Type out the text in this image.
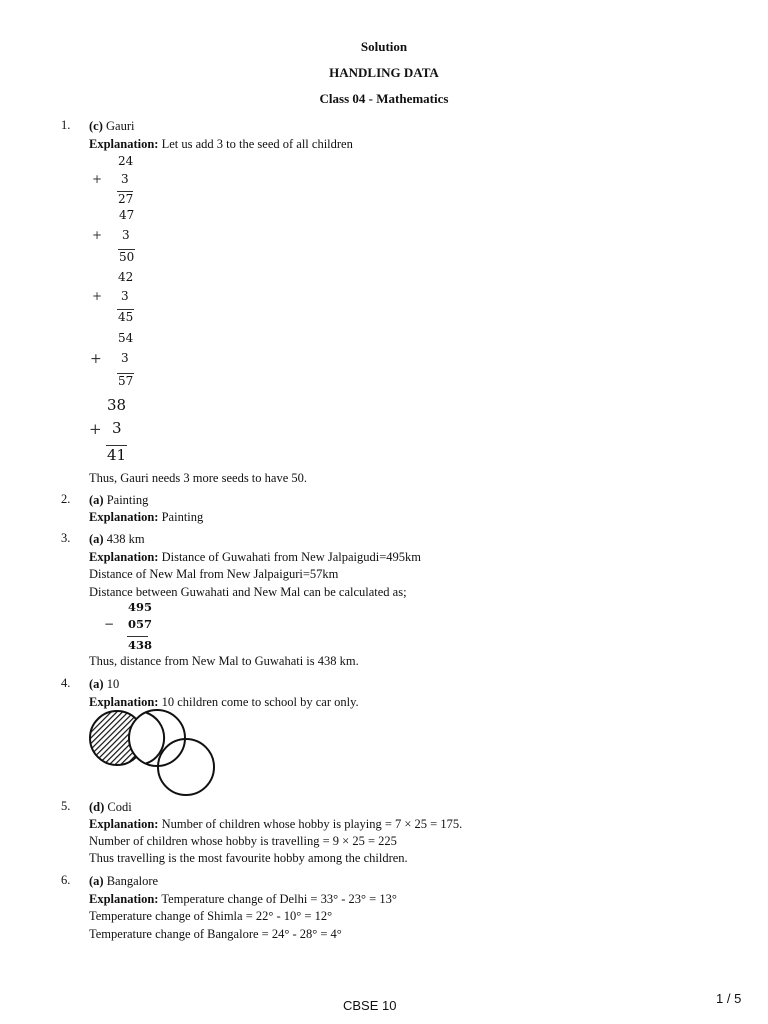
Solution
HANDLING DATA
Class 04 - Mathematics
1. (c) Gauri
Explanation: Let us add 3 to the seed of all children
24
+ 3
27
47
+ 3
50
42
+ 3
45
54
+ 3
57
38
+ 3
41
Thus, Gauri needs 3 more seeds to have 50.
2. (a) Painting
Explanation: Painting
3. (a) 438 km
Explanation: Distance of Guwahati from New Jalpaigudi=495km
Distance of New Mal from New Jalpaiguri=57km
Distance between Guwahati and New Mal can be calculated as;
495
− 057
438
Thus, distance from New Mal to Guwahati is 438 km.
4. (a) 10
Explanation: 10 children come to school by car only.
5. (d) Codi
Explanation: Number of children whose hobby is playing = 7 × 25 = 175.
Number of children whose hobby is travelling = 9 × 25 = 225
Thus travelling is the most favourite hobby among the children.
6. (a) Bangalore
Explanation: Temperature change of Delhi = 33° - 23° = 13°
Temperature change of Shimla = 22° - 10° = 12°
Temperature change of Bangalore = 24° - 28° = 4°
CBSE 10	1 / 5
